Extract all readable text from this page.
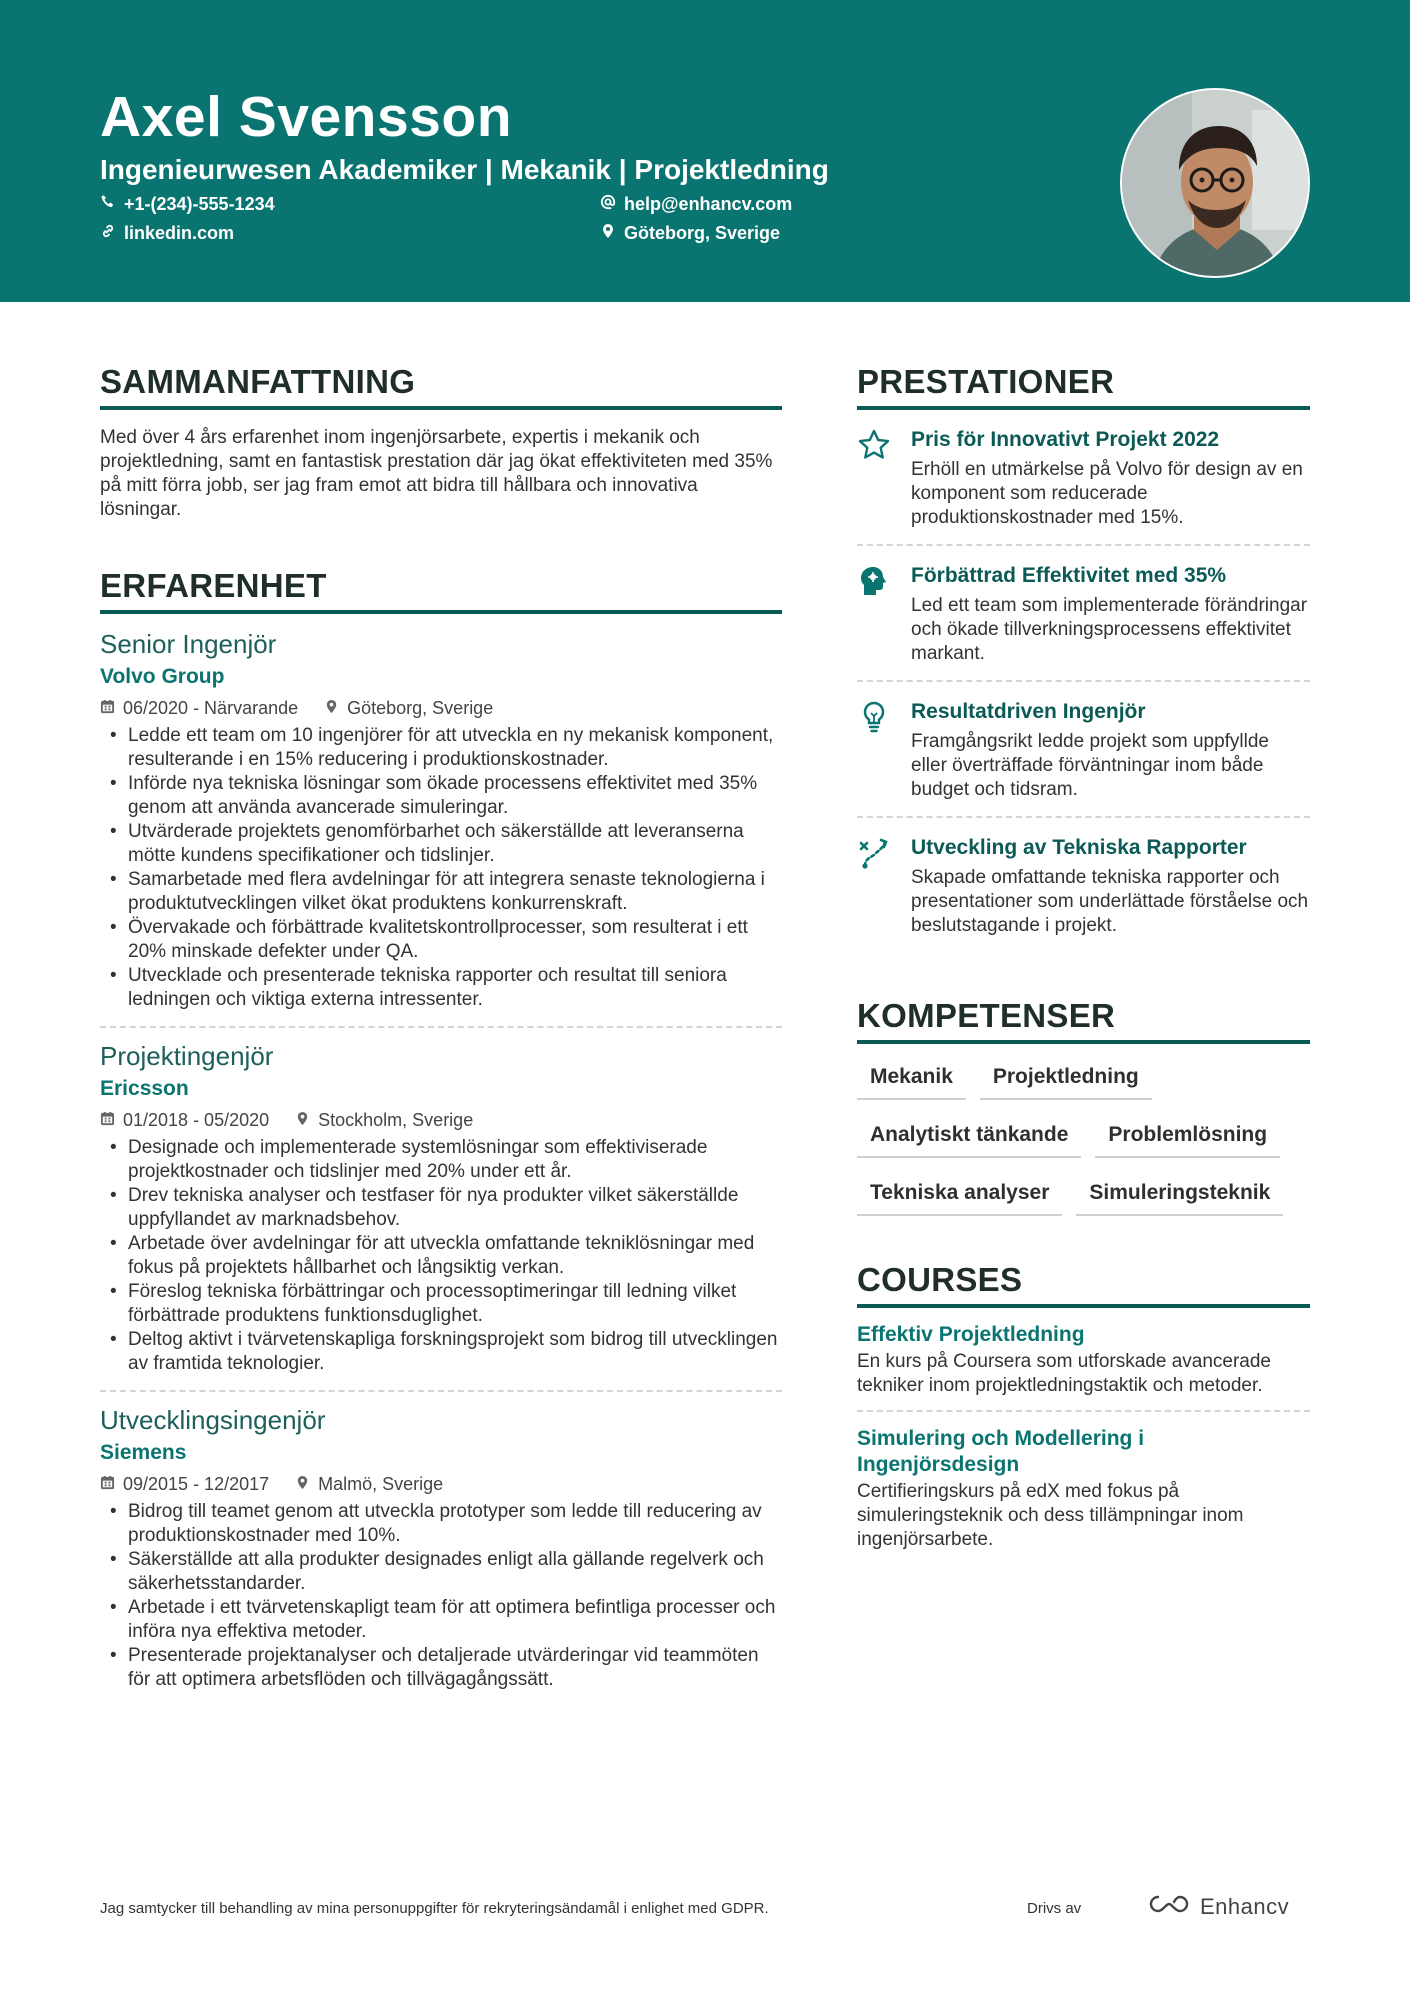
Axel Svensson
Ingenieurwesen Akademiker | Mekanik | Projektledning
+1-(234)-555-1234
linkedin.com
help@enhancv.com
Göteborg, Sverige
SAMMANFATTNING
Med över 4 års erfarenhet inom ingenjörsarbete, expertis i mekanik och projektledning, samt en fantastisk prestation där jag ökat effektiviteten med 35% på mitt förra jobb, ser jag fram emot att bidra till hållbara och innovativa lösningar.
ERFARENHET
Senior Ingenjör
Volvo Group
06/2020 - Närvarande	Göteborg, Sverige
• Ledde ett team om 10 ingenjörer för att utveckla en ny mekanisk komponent, resulterande i en 15% reducering i produktionskostnader.
• Införde nya tekniska lösningar som ökade processens effektivitet med 35% genom att använda avancerade simuleringar.
• Utvärderade projektets genomförbarhet och säkerställde att leveranserna mötte kundens specifikationer och tidslinjer.
• Samarbetade med flera avdelningar för att integrera senaste teknologierna i produktutvecklingen vilket ökat produktens konkurrenskraft.
• Övervakade och förbättrade kvalitetskontrollprocesser, som resulterat i ett 20% minskade defekter under QA.
• Utvecklade och presenterade tekniska rapporter och resultat till seniora ledningen och viktiga externa intressenter.
Projektingenjör
Ericsson
01/2018 - 05/2020	Stockholm, Sverige
• Designade och implementerade systemlösningar som effektiviserade projektkostnader och tidslinjer med 20% under ett år.
• Drev tekniska analyser och testfaser för nya produkter vilket säkerställde uppfyllandet av marknadsbehov.
• Arbetade över avdelningar för att utveckla omfattande tekniklösningar med fokus på projektets hållbarhet och långsiktig verkan.
• Föreslog tekniska förbättringar och processoptimeringar till ledning vilket förbättrade produktens funktionsduglighet.
• Deltog aktivt i tvärvetenskapliga forskningsprojekt som bidrog till utvecklingen av framtida teknologier.
Utvecklingsingenjör
Siemens
09/2015 - 12/2017	Malmö, Sverige
• Bidrog till teamet genom att utveckla prototyper som ledde till reducering av produktionskostnader med 10%.
• Säkerställde att alla produkter designades enligt alla gällande regelverk och säkerhetsstandarder.
• Arbetade i ett tvärvetenskapligt team för att optimera befintliga processer och införa nya effektiva metoder.
• Presenterade projektanalyser och detaljerade utvärderingar vid teammöten för att optimera arbetsflöden och tillvägagångssätt.
PRESTATIONER
Pris för Innovativt Projekt 2022
Erhöll en utmärkelse på Volvo för design av en komponent som reducerade produktionskostnader med 15%.
Förbättrad Effektivitet med 35%
Led ett team som implementerade förändringar och ökade tillverkningsprocessens effektivitet markant.
Resultatdriven Ingenjör
Framgångsrikt ledde projekt som uppfyllde eller överträffade förväntningar inom både budget och tidsram.
Utveckling av Tekniska Rapporter
Skapade omfattande tekniska rapporter och presentationer som underlättade förståelse och beslutstagande i projekt.
KOMPETENSER
Mekanik	Projektledning
Analytiskt tänkande	Problemlösning
Tekniska analyser	Simuleringsteknik
COURSES
Effektiv Projektledning
En kurs på Coursera som utforskade avancerade tekniker inom projektledningstaktik och metoder.
Simulering och Modellering i Ingenjörsdesign
Certifieringskurs på edX med fokus på simuleringsteknik och dess tillämpningar inom ingenjörsarbete.
Jag samtycker till behandling av mina personuppgifter för rekryteringsändamål i enlighet med GDPR.	Drivs av	Enhancv
